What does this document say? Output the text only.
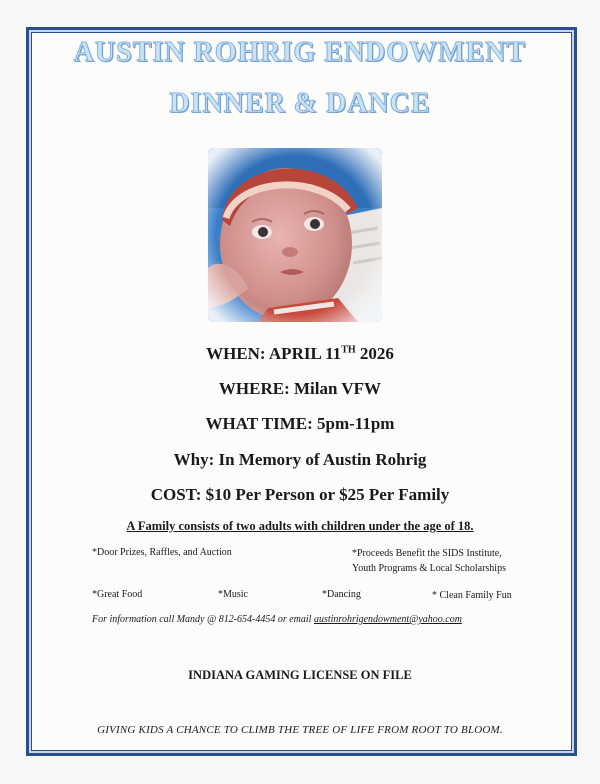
AUSTIN ROHRIG ENDOWMENT
DINNER & DANCE
WHEN: APRIL 11TH 2026
WHERE: Milan VFW
WHAT TIME: 5pm-11pm
Why: In Memory of Austin Rohrig
COST: $10 Per Person or $25 Per Family
A Family consists of two adults with children under the age of 18.
*Door Prizes, Raffles, and Auction	*Proceeds Benefit the SIDS Institute,
Youth Programs & Local Scholarships
*Great Food	*Music	*Dancing	* Clean Family Fun
For information call Mandy @ 812-654-4454 or email austinrohrigendowment@yahoo.com
INDIANA GAMING LICENSE ON FILE
GIVING KIDS A CHANCE TO CLIMB THE TREE OF LIFE FROM ROOT TO BLOOM.
